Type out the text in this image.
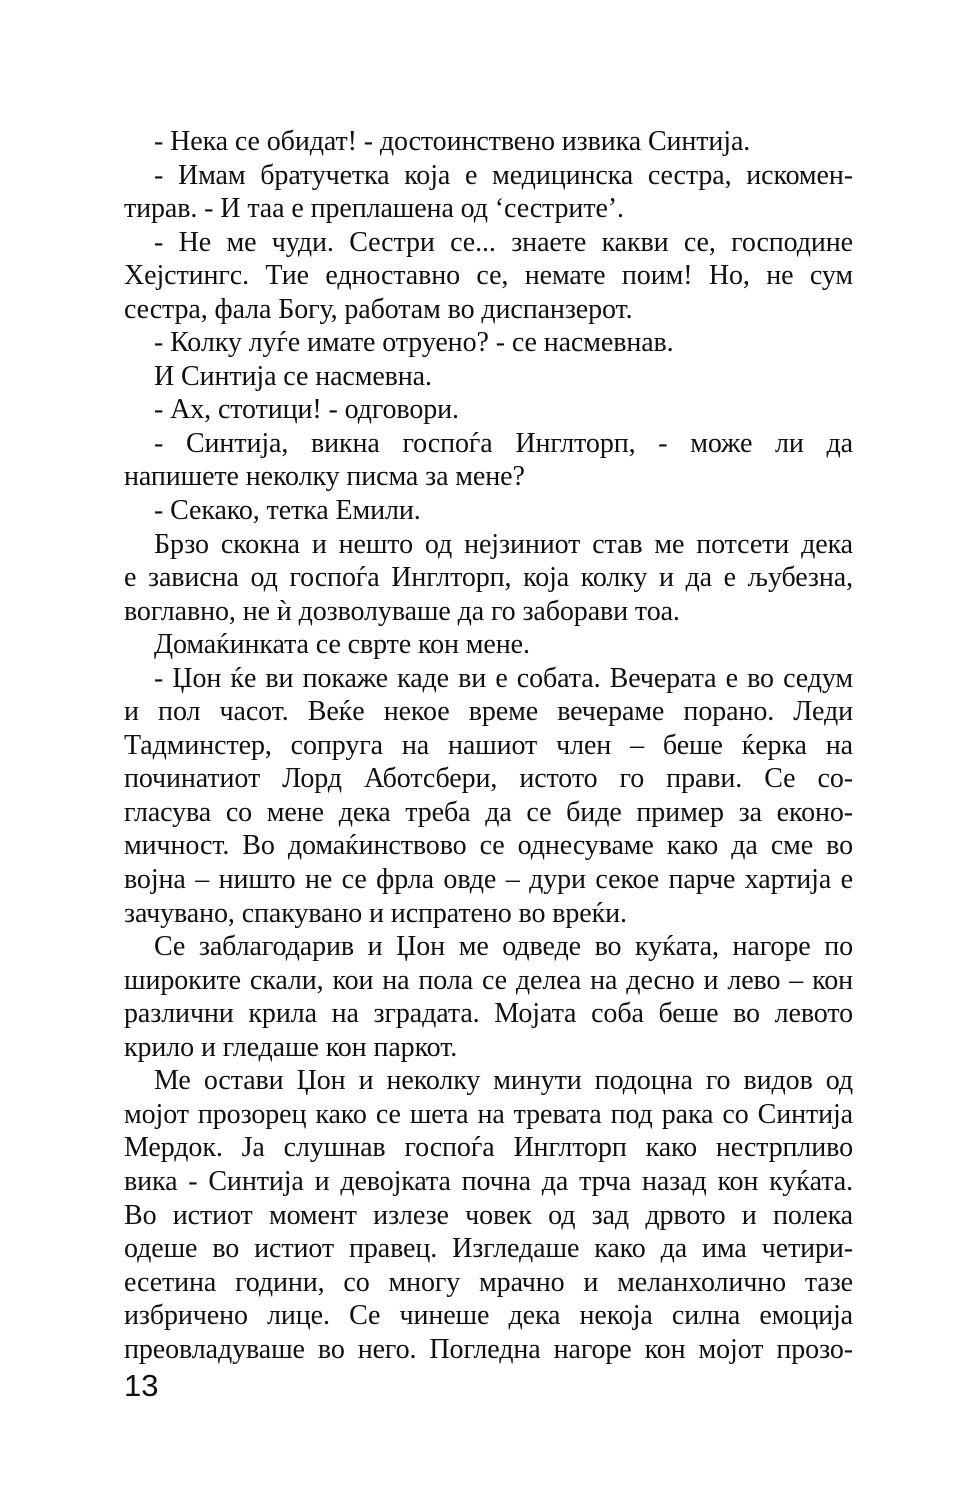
- Нека се обидат! - достоинствено извика Синтија.
- Имам братучетка која е медицинска сестра, искомен-
тирав. - И таа е преплашена од ‘сестрите’.
- Не ме чуди. Сестри се... знаете какви се, господине
Хејстингс. Тие едноставно се, немате поим! Но, не сум
сестра, фала Богу, работам во диспанзерот.
- Колку луѓе имате отруено? - се насмевнав.
И Синтија се насмевна.
- Ах, стотици! - одговори.
- Синтија, викна госпоѓа Инглторп, - може ли да
напишете неколку писма за мене?
- Секако, тетка Емили.
Брзо скокна и нешто од нејзиниот став ме потсети дека
е зависна од госпоѓа Инглторп, која колку и да е љубезна,
воглавно, не ѝ дозволуваше да го заборави тоа.
Домаќинката се сврте кон мене.
- Џон ќе ви покаже каде ви е собата. Вечерата е во седум
и пол часот. Веќе некое време вечераме порано. Леди
Тадминстер, сопруга на нашиот член – беше ќерка на
починатиот Лорд Аботсбери, истото го прави. Се со-
гласува со мене дека треба да се биде пример за еконо-
мичност. Во домаќинствово се однесуваме како да сме во
војна – ништо не се фрла овде – дури секое парче хартија е
зачувано, спакувано и испратено во вреќи.
Се заблагодарив и Џон ме одведе во куќата, нагоре по
широките скали, кои на пола се делеа на десно и лево – кон
различни крила на зградата. Мојата соба беше во левото
крило и гледаше кон паркот.
Ме остави Џон и неколку минути подоцна го видов од
мојот прозорец како се шета на тревата под рака со Синтија
Мердок. Ја слушнав госпоѓа Инглторп како нестрпливо
вика - Синтија и девојката почна да трча назад кон куќата.
Во истиот момент излезе човек од зад дрвото и полека
одеше во истиот правец. Изгледаше како да има четири-
есетина години, со многу мрачно и меланхолично тазе
избричено лице. Се чинеше дека некоја силна емоција
преовладуваше во него. Погледна нагоре кон мојот прозо-
13
